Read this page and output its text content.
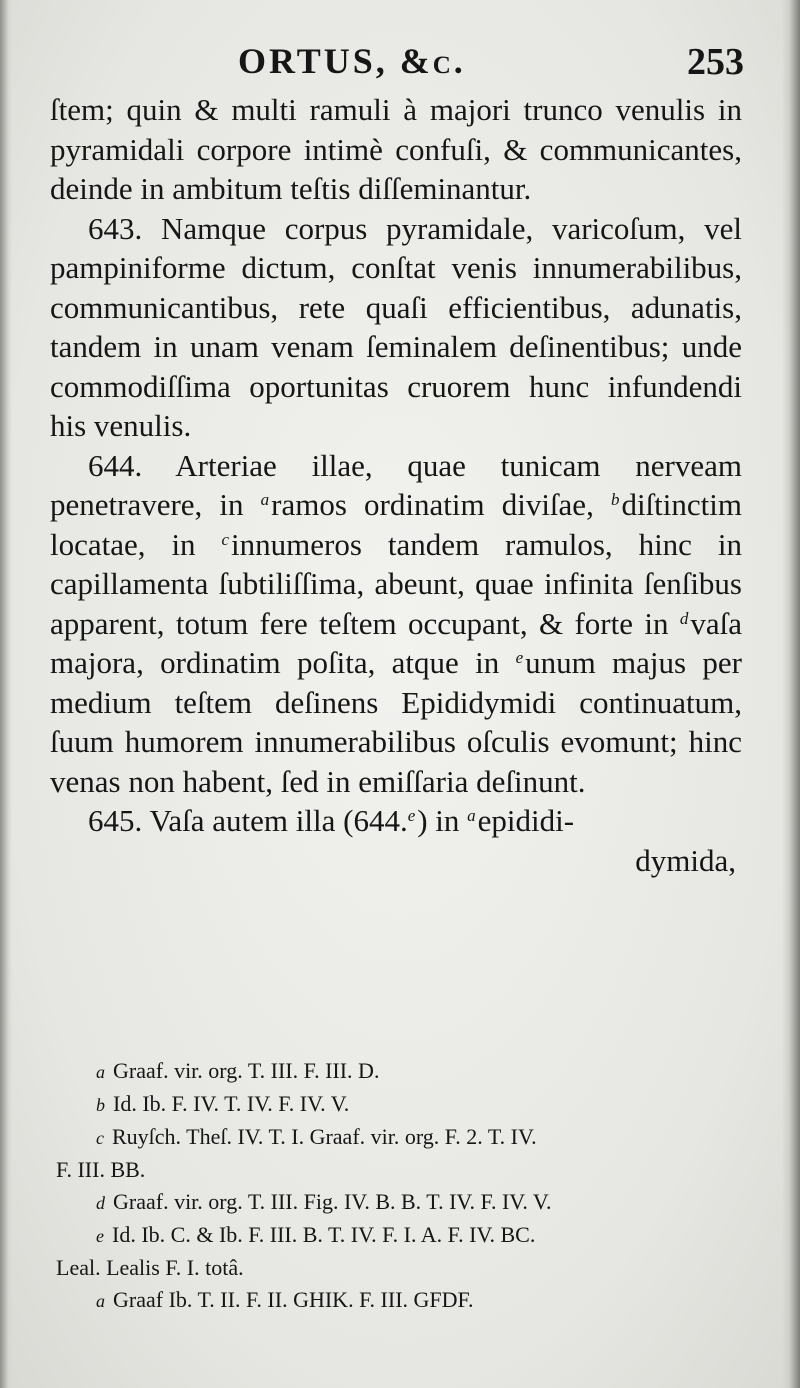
ORTUS, &c.	253

ſtem; quin & multi ramuli à majori trunco venulis in pyramidali corpore intimè confuſi, & communicantes, deinde in ambitum teſtis diſſeminantur.

643. Namque corpus pyramidale, varicoſum, vel pampiniforme dictum, conſtat venis innumerabilibus, communicantibus, rete quaſi efficientibus, adunatis, tandem in unam venam ſeminalem deſinentibus; unde commodiſſima oportunitas cruorem hunc infundendi his venulis.

644. Arteriae illae, quae tunicam nerveam penetravere, in $^a$ramos ordinatim diviſae, $^b$diſtinctim locatae, in $^c$innumeros tandem ramulos, hinc in capillamenta ſubtiliſſima, abeunt, quae infinita ſenſibus apparent, totum fere teſtem occupant, & forte in $^d$vaſa majora, ordinatim poſita, atque in $^e$unum majus per medium teſtem deſinens Epididymidi continuatum, ſuum humorem innumerabilibus oſculis evomunt; hinc venas non habent, ſed in emiſſaria deſinunt.

645. Vaſa autem illa (644.$^e$) in $^a$epididi-

dymida,

a Graaf. vir. org. T. III. F. III. D.

b Id. Ib. F. IV. T. IV. F. IV. V.

c Ruyſch. Theſ. IV. T. I. Graaf. vir. org. F. 2. T. IV.

F. III. BB.

d Graaf. vir. org. T. III. Fig. IV. B. B. T. IV. F. IV. V.

e Id. Ib. C. & Ib. F. III. B. T. IV. F. I. A. F. IV. BC.

Leal. Lealis F. I. totâ.

a Graaf Ib. T. II. F. II. GHIK. F. III. GFDF.
